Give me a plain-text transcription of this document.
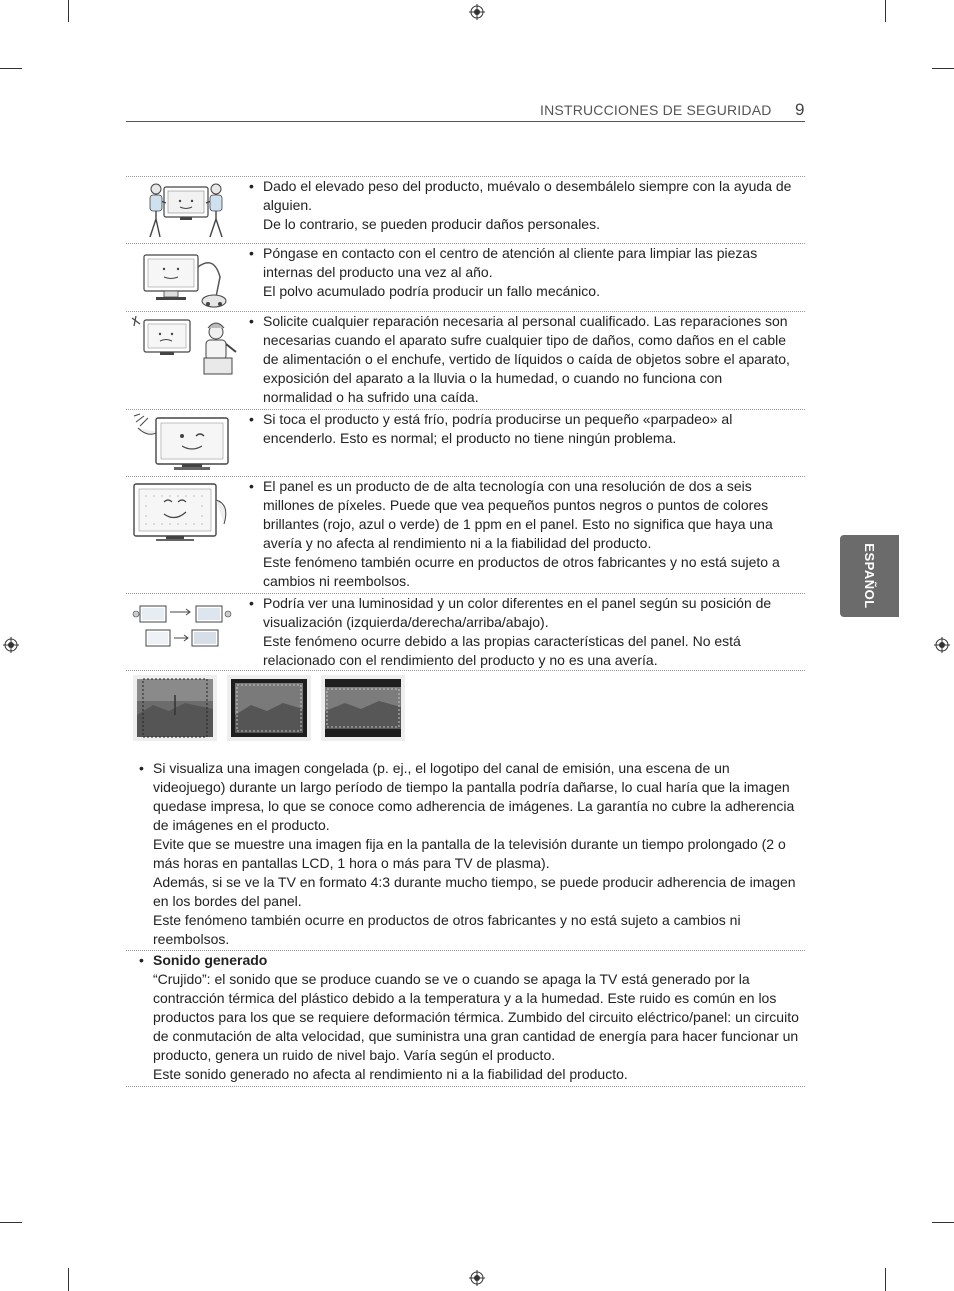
INSTRUCCIONES DE SEGURIDAD 9
ESPAÑOL
• Dado el elevado peso del producto, muévalo o desembálelo siempre con la ayuda de alguien.

De lo contrario, se pueden producir daños personales.

• Póngase en contacto con el centro de atención al cliente para limpiar las piezas internas del producto una vez al año.

El polvo acumulado podría producir un fallo mecánico.

• Solicite cualquier reparación necesaria al personal cualificado. Las reparaciones son necesarias cuando el aparato sufre cualquier tipo de daños, como daños en el cable de alimentación o el enchufe, vertido de líquidos o caída de objetos sobre el aparato, exposición del aparato a la lluvia o la humedad, o cuando no funciona con normalidad o ha sufrido una caída.

• Si toca el producto y está frío, podría producirse un pequeño «parpadeo» al encenderlo. Esto es normal; el producto no tiene ningún problema.

• El panel es un producto de de alta tecnología con una resolución de dos a seis millones de píxeles. Puede que vea pequeños puntos negros o puntos de colores brillantes (rojo, azul o verde) de 1 ppm en el panel. Esto no significa que haya una avería y no afecta al rendimiento ni a la fiabilidad del producto.

Este fenómeno también ocurre en productos de otros fabricantes y no está sujeto a cambios ni reembolsos.

• Podría ver una luminosidad y un color diferentes en el panel según su posición de visualización (izquierda/derecha/arriba/abajo).

Este fenómeno ocurre debido a las propias características del panel. No está relacionado con el rendimiento del producto y no es una avería.

• Si visualiza una imagen congelada (p. ej., el logotipo del canal de emisión, una escena de un videojuego) durante un largo período de tiempo la pantalla podría dañarse, lo cual haría que la imagen quedase impresa, lo que se conoce como adherencia de imágenes. La garantía no cubre la adherencia de imágenes en el producto.

Evite que se muestre una imagen fija en la pantalla de la televisión durante un tiempo prolongado (2 o más horas en pantallas LCD, 1 hora o más para TV de plasma).

Además, si se ve la TV en formato 4:3 durante mucho tiempo, se puede producir adherencia de imagen en los bordes del panel.

Este fenómeno también ocurre en productos de otros fabricantes y no está sujeto a cambios ni reembolsos.

• Sonido generado

“Crujido”: el sonido que se produce cuando se ve o cuando se apaga la TV está generado por la contracción térmica del plástico debido a la temperatura y a la humedad. Este ruido es común en los productos para los que se requiere deformación térmica. Zumbido del circuito eléctrico/panel: un circuito de conmutación de alta velocidad, que suministra una gran cantidad de energía para hacer funcionar un producto, genera un ruido de nivel bajo. Varía según el producto.

Este sonido generado no afecta al rendimiento ni a la fiabilidad del producto.
